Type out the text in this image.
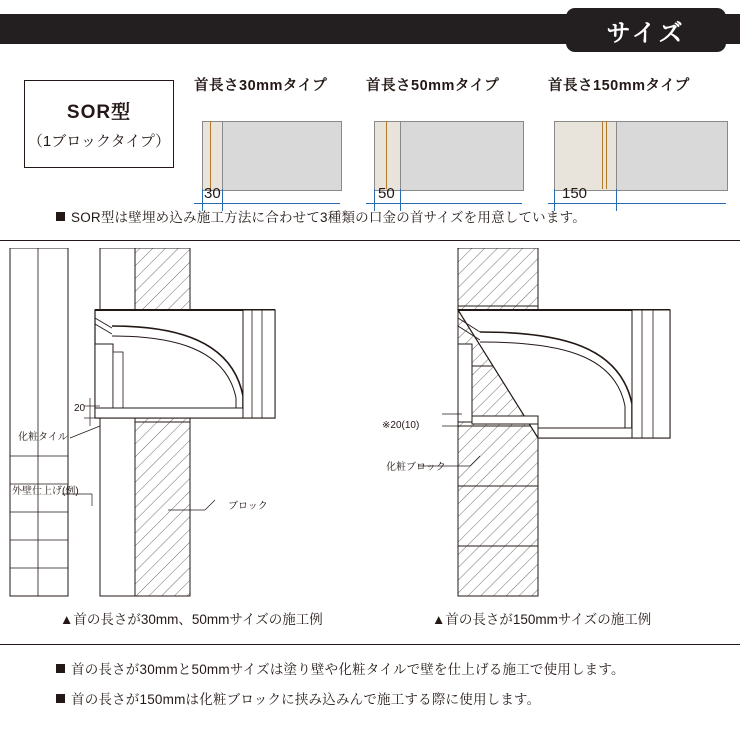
サイズ
SOR型
（1ブロックタイプ）
首長さ30mmタイプ
30
首長さ50mmタイプ
50
首長さ150mmタイプ
150
SOR型は壁埋め込み施工方法に合わせて3種類の口金の首サイズを用意しています。
20
化粧タイル
外壁仕上げ(例)
ブロック
▲首の長さが30mm、50mmサイズの施工例
※20(10)
化粧ブロック
▲首の長さが150mmサイズの施工例
首の長さが30mmと50mmサイズは塗り壁や化粧タイルで壁を仕上げる施工で使用します。
首の長さが150mmは化粧ブロックに挟み込みんで施工する際に使用します。
